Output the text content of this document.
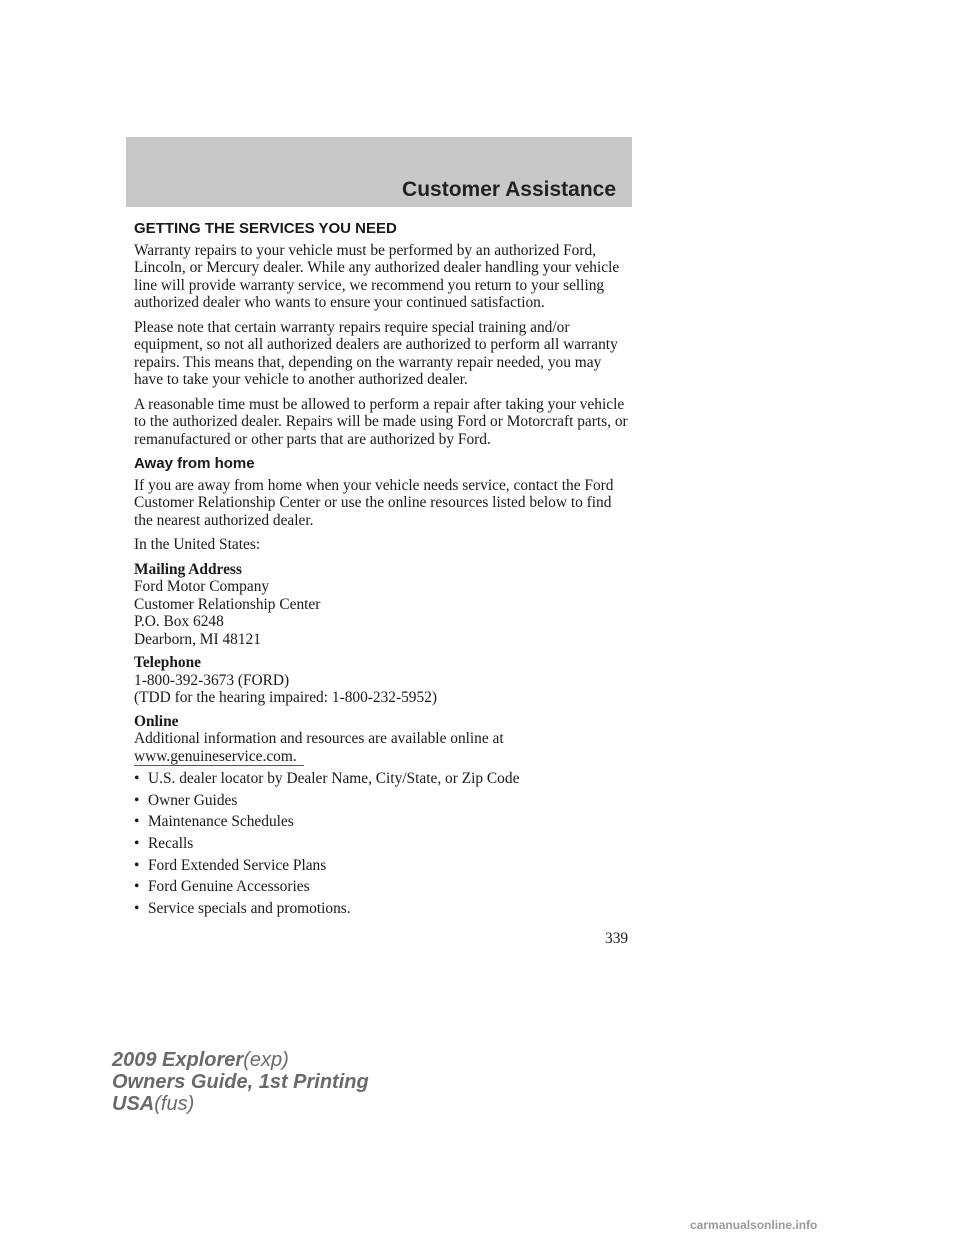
Customer Assistance
GETTING THE SERVICES YOU NEED

Warranty repairs to your vehicle must be performed by an authorized Ford, Lincoln, or Mercury dealer. While any authorized dealer handling your vehicle line will provide warranty service, we recommend you return to your selling authorized dealer who wants to ensure your continued satisfaction.

Please note that certain warranty repairs require special training and/or equipment, so not all authorized dealers are authorized to perform all warranty repairs. This means that, depending on the warranty repair needed, you may have to take your vehicle to another authorized dealer.

A reasonable time must be allowed to perform a repair after taking your vehicle to the authorized dealer. Repairs will be made using Ford or Motorcraft parts, or remanufactured or other parts that are authorized by Ford.

Away from home

If you are away from home when your vehicle needs service, contact the Ford Customer Relationship Center or use the online resources listed below to find the nearest authorized dealer.

In the United States:

Mailing Address
Ford Motor Company
Customer Relationship Center
P.O. Box 6248
Dearborn, MI 48121
Telephone
1-800-392-3673 (FORD)
(TDD for the hearing impaired: 1-800-232-5952)
Online
Additional information and resources are available online at
www.genuineservice.com.
• U.S. dealer locator by Dealer Name, City/State, or Zip Code
• Owner Guides
• Maintenance Schedules
• Recalls
• Ford Extended Service Plans
• Ford Genuine Accessories
• Service specials and promotions.
339
2009 Explorer(exp)
Owners Guide, 1st Printing
USA(fus)
carmanualsonline.info
